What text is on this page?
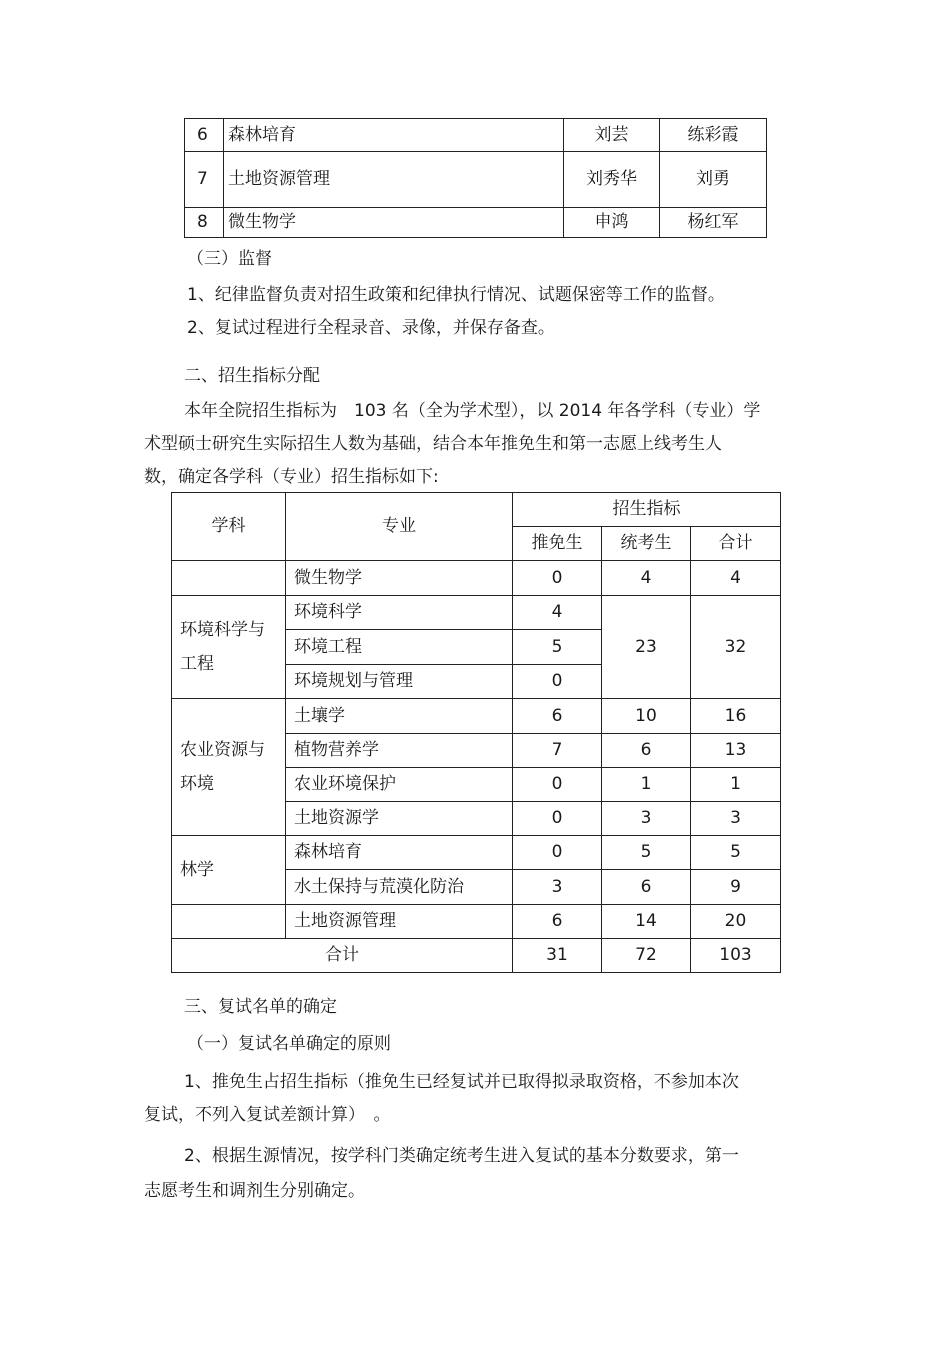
6	森林培育	刘芸	练彩霞
7	土地资源管理	刘秀华	刘勇
8	微生物学	申鸿	杨红军
（三）监督
1、纪律监督负责对招生政策和纪律执行情况、试题保密等工作的监督。
2、复试过程进行全程录音、录像，并保存备查。
二、招生指标分配
本年全院招生指标为　103 名（全为学术型），以 2014 年各学科（专业）学
术型硕士研究生实际招生人数为基础，结合本年推免生和第一志愿上线考生人
数，确定各学科（专业）招生指标如下:
学科	专业	招生指标		
		推免生	统考生	合计
	微生物学	0	4	4
环境科学与工程	环境科学	4	23	32
	环境工程	5		
	环境规划与管理	0		
农业资源与环境	土壤学	6	10	16
	植物营养学	7	6	13
	农业环境保护	0	1	1
	土地资源学	0	3	3
林学	森林培育	0	5	5
	水土保持与荒漠化防治	3	6	9
	土地资源管理	6	14	20
合计		31	72	103
三、复试名单的确定
（一）复试名单确定的原则
1、推免生占招生指标（推免生已经复试并已取得拟录取资格，不参加本次
复试，不列入复试差额计算）　。
2、根据生源情况，按学科门类确定统考生进入复试的基本分数要求，第一
志愿考生和调剂生分别确定。
